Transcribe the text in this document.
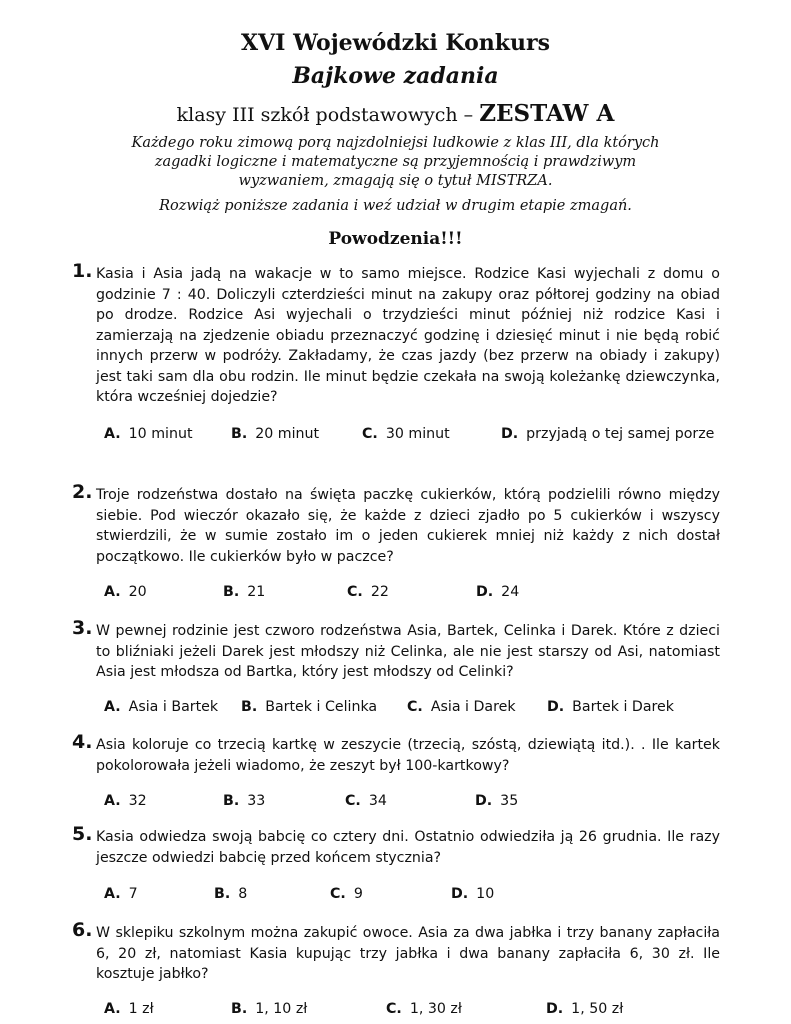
XVI Wojewódzki Konkurs
Bajkowe zadania
klasy III szkół podstawowych – ZESTAW A
Każdego roku zimową porą najzdolniejsi ludkowie z klas III, dla których zagadki logiczne i matematyczne są przyjemnością i prawdziwym wyzwaniem, zmagają się o tytuł MISTRZA.
Rozwiąż poniższe zadania i weź udział w drugim etapie zmagań.
Powodzenia!!!
1. Kasia i Asia jadą na wakacje w to samo miejsce. Rodzice Kasi wyjechali z domu o godzinie 7 : 40. Doliczyli czterdzieści minut na zakupy oraz półtorej godziny na obiad po drodze. Rodzice Asi wyjechali o trzydzieści minut później niż rodzice Kasi i zamierzają na zjedzenie obiadu przeznaczyć godzinę i dziesięć minut i nie będą robić innych przerw w podróży. Zakładamy, że czas jazdy (bez przerw na obiady i zakupy) jest taki sam dla obu rodzin. Ile minut będzie czekała na swoją koleżankę dziewczynka, która wcześniej dojedzie?
A. 10 minut	B. 20 minut	C. 30 minut	D. przyjadą o tej samej porze
2. Troje rodzeństwa dostało na święta paczkę cukierków, którą podzielili równo między siebie. Pod wieczór okazało się, że każde z dzieci zjadło po 5 cukierków i wszyscy stwierdzili, że w sumie zostało im o jeden cukierek mniej niż każdy z nich dostał początkowo. Ile cukierków było w paczce?
A. 20	B. 21	C. 22	D. 24
3. W pewnej rodzinie jest czworo rodzeństwa Asia, Bartek, Celinka i Darek. Które z dzieci to bliźniaki jeżeli Darek jest młodszy niż Celinka, ale nie jest starszy od Asi, natomiast Asia jest młodsza od Bartka, który jest młodszy od Celinki?
A. Asia i Bartek B. Bartek i Celinka C. Asia i Darek D. Bartek i Darek
4. Asia koloruje co trzecią kartkę w zeszycie (trzecią, szóstą, dziewiątą itd.). . Ile kartek pokolorowała jeżeli wiadomo, że zeszyt był 100-kartkowy?
A. 32	B. 33	C. 34	D. 35
5. Kasia odwiedza swoją babcię co cztery dni. Ostatnio odwiedziła ją 26 grudnia. Ile razy jeszcze odwiedzi babcię przed końcem stycznia?
A. 7	B. 8	C. 9	D. 10
6. W sklepiku szkolnym można zakupić owoce. Asia za dwa jabłka i trzy banany zapłaciła 6, 20 zł, natomiast Kasia kupując trzy jabłka i dwa banany zapłaciła 6, 30 zł. Ile kosztuje jabłko?
A. 1 zł	B. 1, 10 zł	C. 1, 30 zł	D. 1, 50 zł
